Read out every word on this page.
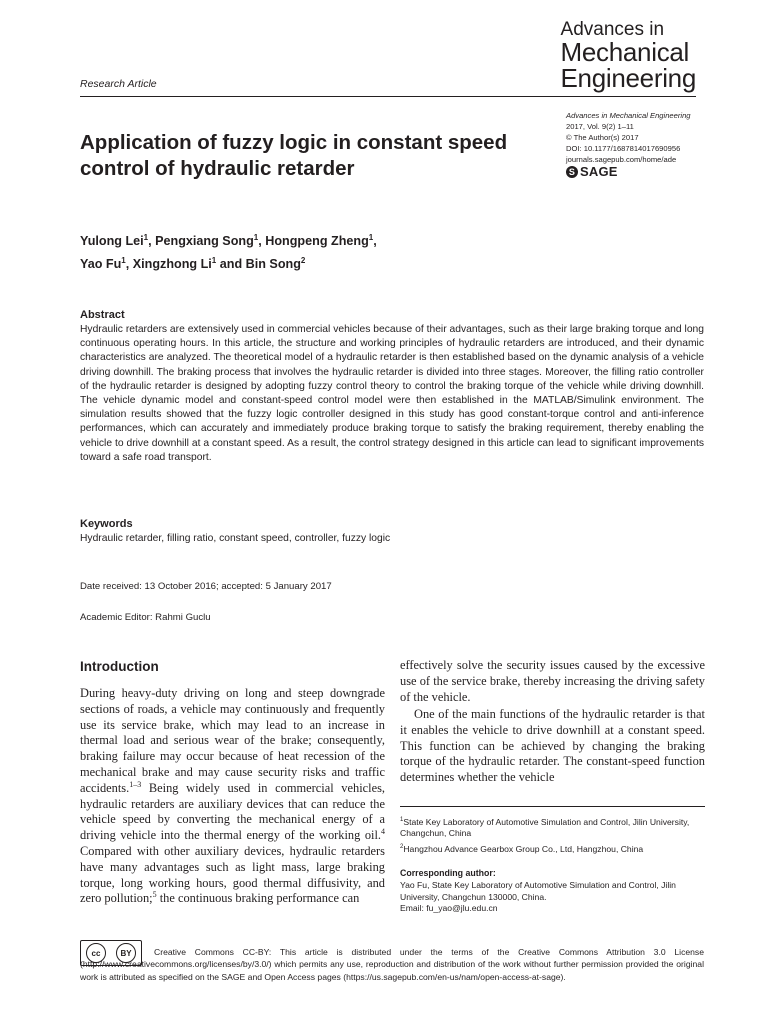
Advances in
Mechanical
Engineering
Research Article
Advances in Mechanical Engineering
2017, Vol. 9(2) 1–11
© The Author(s) 2017
DOI: 10.1177/1687814017690956
journals.sagepub.com/home/ade
S SAGE
Application of fuzzy logic in constant speed control of hydraulic retarder
Yulong Lei$^1$, Pengxiang Song$^1$, Hongpeng Zheng$^1$,
Yao Fu$^1$, Xingzhong Li$^1$ and Bin Song$^2$
Abstract
Hydraulic retarders are extensively used in commercial vehicles because of their advantages, such as their large braking torque and long continuous operating hours. In this article, the structure and working principles of hydraulic retarders are introduced, and their dynamic characteristics are analyzed. The theoretical model of a hydraulic retarder is then established based on the dynamic analysis of a vehicle driving downhill. The braking process that involves the hydraulic retarder is divided into three stages. Moreover, the filling ratio controller of the hydraulic retarder is designed by adopting fuzzy control theory to control the braking torque of the vehicle while driving downhill. The vehicle dynamic model and constant-speed control model were then established in the MATLAB/Simulink environment. The simulation results showed that the fuzzy logic controller designed in this study has good constant-torque control and anti-inference performances, which can accurately and immediately produce braking torque to satisfy the braking requirement, thereby enabling the vehicle to drive downhill at a constant speed. As a result, the control strategy designed in this article can lead to significant improvements toward a safe road transport.
Keywords
Hydraulic retarder, filling ratio, constant speed, controller, fuzzy logic
Date received: 13 October 2016; accepted: 5 January 2017
Academic Editor: Rahmi Guclu
Introduction
During heavy-duty driving on long and steep downgrade sections of roads, a vehicle may continuously and frequently use its service brake, which may lead to an increase in thermal load and serious wear of the brake; consequently, braking failure may occur because of heat recession of the mechanical brake and may cause security risks and traffic accidents.$^{1-3}$ Being widely used in commercial vehicles, hydraulic retarders are auxiliary devices that can reduce the vehicle speed by converting the mechanical energy of a driving vehicle into the thermal energy of the working oil.$^4$ Compared with other auxiliary devices, hydraulic retarders have many advantages such as light mass, large braking torque, long working hours, good thermal diffusivity, and zero pollution;$^5$ the continuous braking performance can
effectively solve the security issues caused by the excessive use of the service brake, thereby increasing the driving safety of the vehicle.
One of the main functions of the hydraulic retarder is that it enables the vehicle to drive downhill at a constant speed. This function can be achieved by changing the braking torque of the hydraulic retarder. The constant-speed function determines whether the vehicle
$^1$State Key Laboratory of Automotive Simulation and Control, Jilin University, Changchun, China
$^2$Hangzhou Advance Gearbox Group Co., Ltd, Hangzhou, China
Corresponding author:
Yao Fu, State Key Laboratory of Automotive Simulation and Control, Jilin University, Changchun 130000, China.
Email: fu_yao@jlu.edu.cn
cc	BY	Creative Commons CC-BY: This article is distributed under the terms of the Creative Commons Attribution 3.0 License (http://www.creativecommons.org/licenses/by/3.0/) which permits any use, reproduction and distribution of the work without further permission provided the original work is attributed as specified on the SAGE and Open Access pages (https://us.sagepub.com/en-us/nam/open-access-at-sage).
